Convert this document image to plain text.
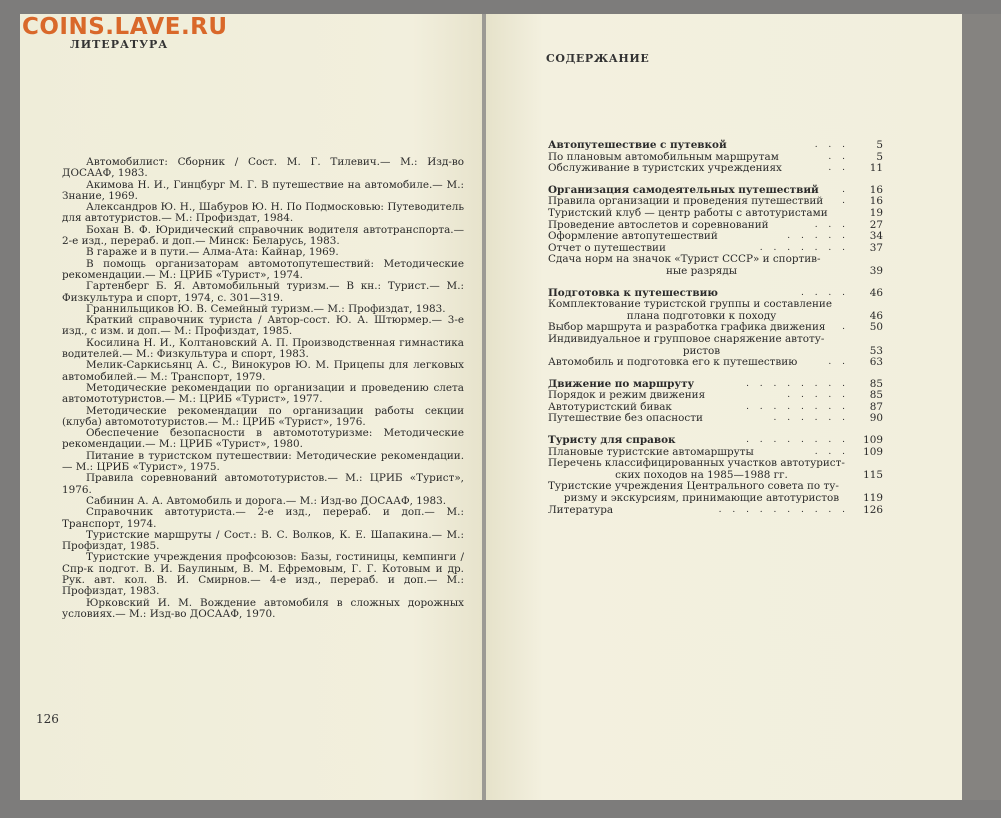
COINS.LAVE.RU
ЛИТЕРАТУРА

Автомобилист: Сборник / Сост. М. Г. Тилевич.— М.: Изд-во ДОСААФ, 1983.

Акимова Н. И., Гинцбург М. Г. В путешествие на автомобиле.— М.: Знание, 1969.

Александров Ю. Н., Шабуров Ю. Н. По Подмосковью: Путеводитель для автотуристов.— М.: Профиздат, 1984.

Бохан В. Ф. Юридический справочник водителя автотранспорта.— 2-е изд., перераб. и доп.— Минск: Беларусь, 1983.

В гаражe и в пути.— Алма-Ата: Кайнар, 1969.

В помощь организаторам автомотопутешествий: Методические рекомендации.— М.: ЦРИБ «Турист», 1974.

Гартенберг Б. Я. Автомобильный туризм.— В кн.: Турист.— М.: Физкультура и спорт, 1974, с. 301—319.

Граннильщиков Ю. В. Семейный туризм.— М.: Профиздат, 1983.

Краткий справочник туриста / Автор-сост. Ю. А. Штюрмер.— 3-е изд., с изм. и доп.— М.: Профиздат, 1985.

Косилина Н. И., Колтановский А. П. Производственная гимнастика водителей.— М.: Физкультура и спорт, 1983.

Мелик-Саркисьянц А. С., Винокуров Ю. М. Прицепы для легковых автомобилей.— М.: Транспорт, 1979.

Методические рекомендации по организации и проведению слета автомототуристов.— М.: ЦРИБ «Турист», 1977.

Методические рекомендации по организации работы секции (клуба) автомототуристов.— М.: ЦРИБ «Турист», 1976.

Обеспечение безопасности в автомототуризме: Методические рекомендации.— М.: ЦРИБ «Турист», 1980.

Питание в туристском путешествии: Методические рекомендации.— М.: ЦРИБ «Турист», 1975.

Правила соревнований автомототуристов.— М.: ЦРИБ «Турист», 1976.

Сабинин А. А. Автомобиль и дорога.— М.: Изд-во ДОСААФ, 1983.

Справочник автотуриста.— 2-е изд., перераб. и доп.— М.: Транспорт, 1974.

Туристские маршруты / Сост.: В. С. Волков, К. Е. Шапакина.— М.: Профиздат, 1985.

Туристские учреждения профсоюзов: Базы, гостиницы, кемпинги / Спр-к подгот. В. И. Баулиным, В. М. Ефремовым, Г. Г. Котовым и др. Рук. авт. кол. В. И. Смирнов.— 4-е изд., перераб. и доп.— М.: Профиздат, 1983.

Юрковский И. М. Вождение автомобиля в сложных дорожных условиях.— М.: Изд-во ДОСААФ, 1970.

126
СОДЕРЖАНИЕ
Автопутешествие с путевкой	. . .	5
По плановым автомобильным маршрутам	. .	5
Обслуживание в туристских учреждениях	. .	11
Организация самодеятельных путешествий	.	16
Правила организации и проведения путешествий	.	16
Туристский клуб — центр работы с автотуристами	19
Проведение автослетов и соревнований	. . .	27
Оформление автопутешествий	. . . . .	34
Отчет о путешествии	. . . . . . .	37
Сдача норм на значок «Турист СССР» и спортив-
ные разряды	39
Подготовка к путешествию	. . . .	46
Комплектование туристской группы и составление
плана подготовки к походу	46
Выбор маршрута и разработка графика движения	.	50
Индивидуальное и групповое снаряжение автоту-
ристов	53
Автомобиль и подготовка его к путешествию	. .	63
Движение по маршруту	. . . . . . . .	85
Порядок и режим движения	. . . . .	85
Автотуристский бивак	. . . . . . . .	87
Путешествие без опасности	. . . . . .	90
Туристу для справок	. . . . . . . .	109
Плановые туристские автомаршруты	. . .	109
Перечень классифицированных участков автотурист-
ских походов на 1985—1988 гг.	115
Туристские учреждения Центрального совета по ту-
ризму и экскурсиям, принимающие автотуристов	119
Литература	. . . . . . . . . .	126
